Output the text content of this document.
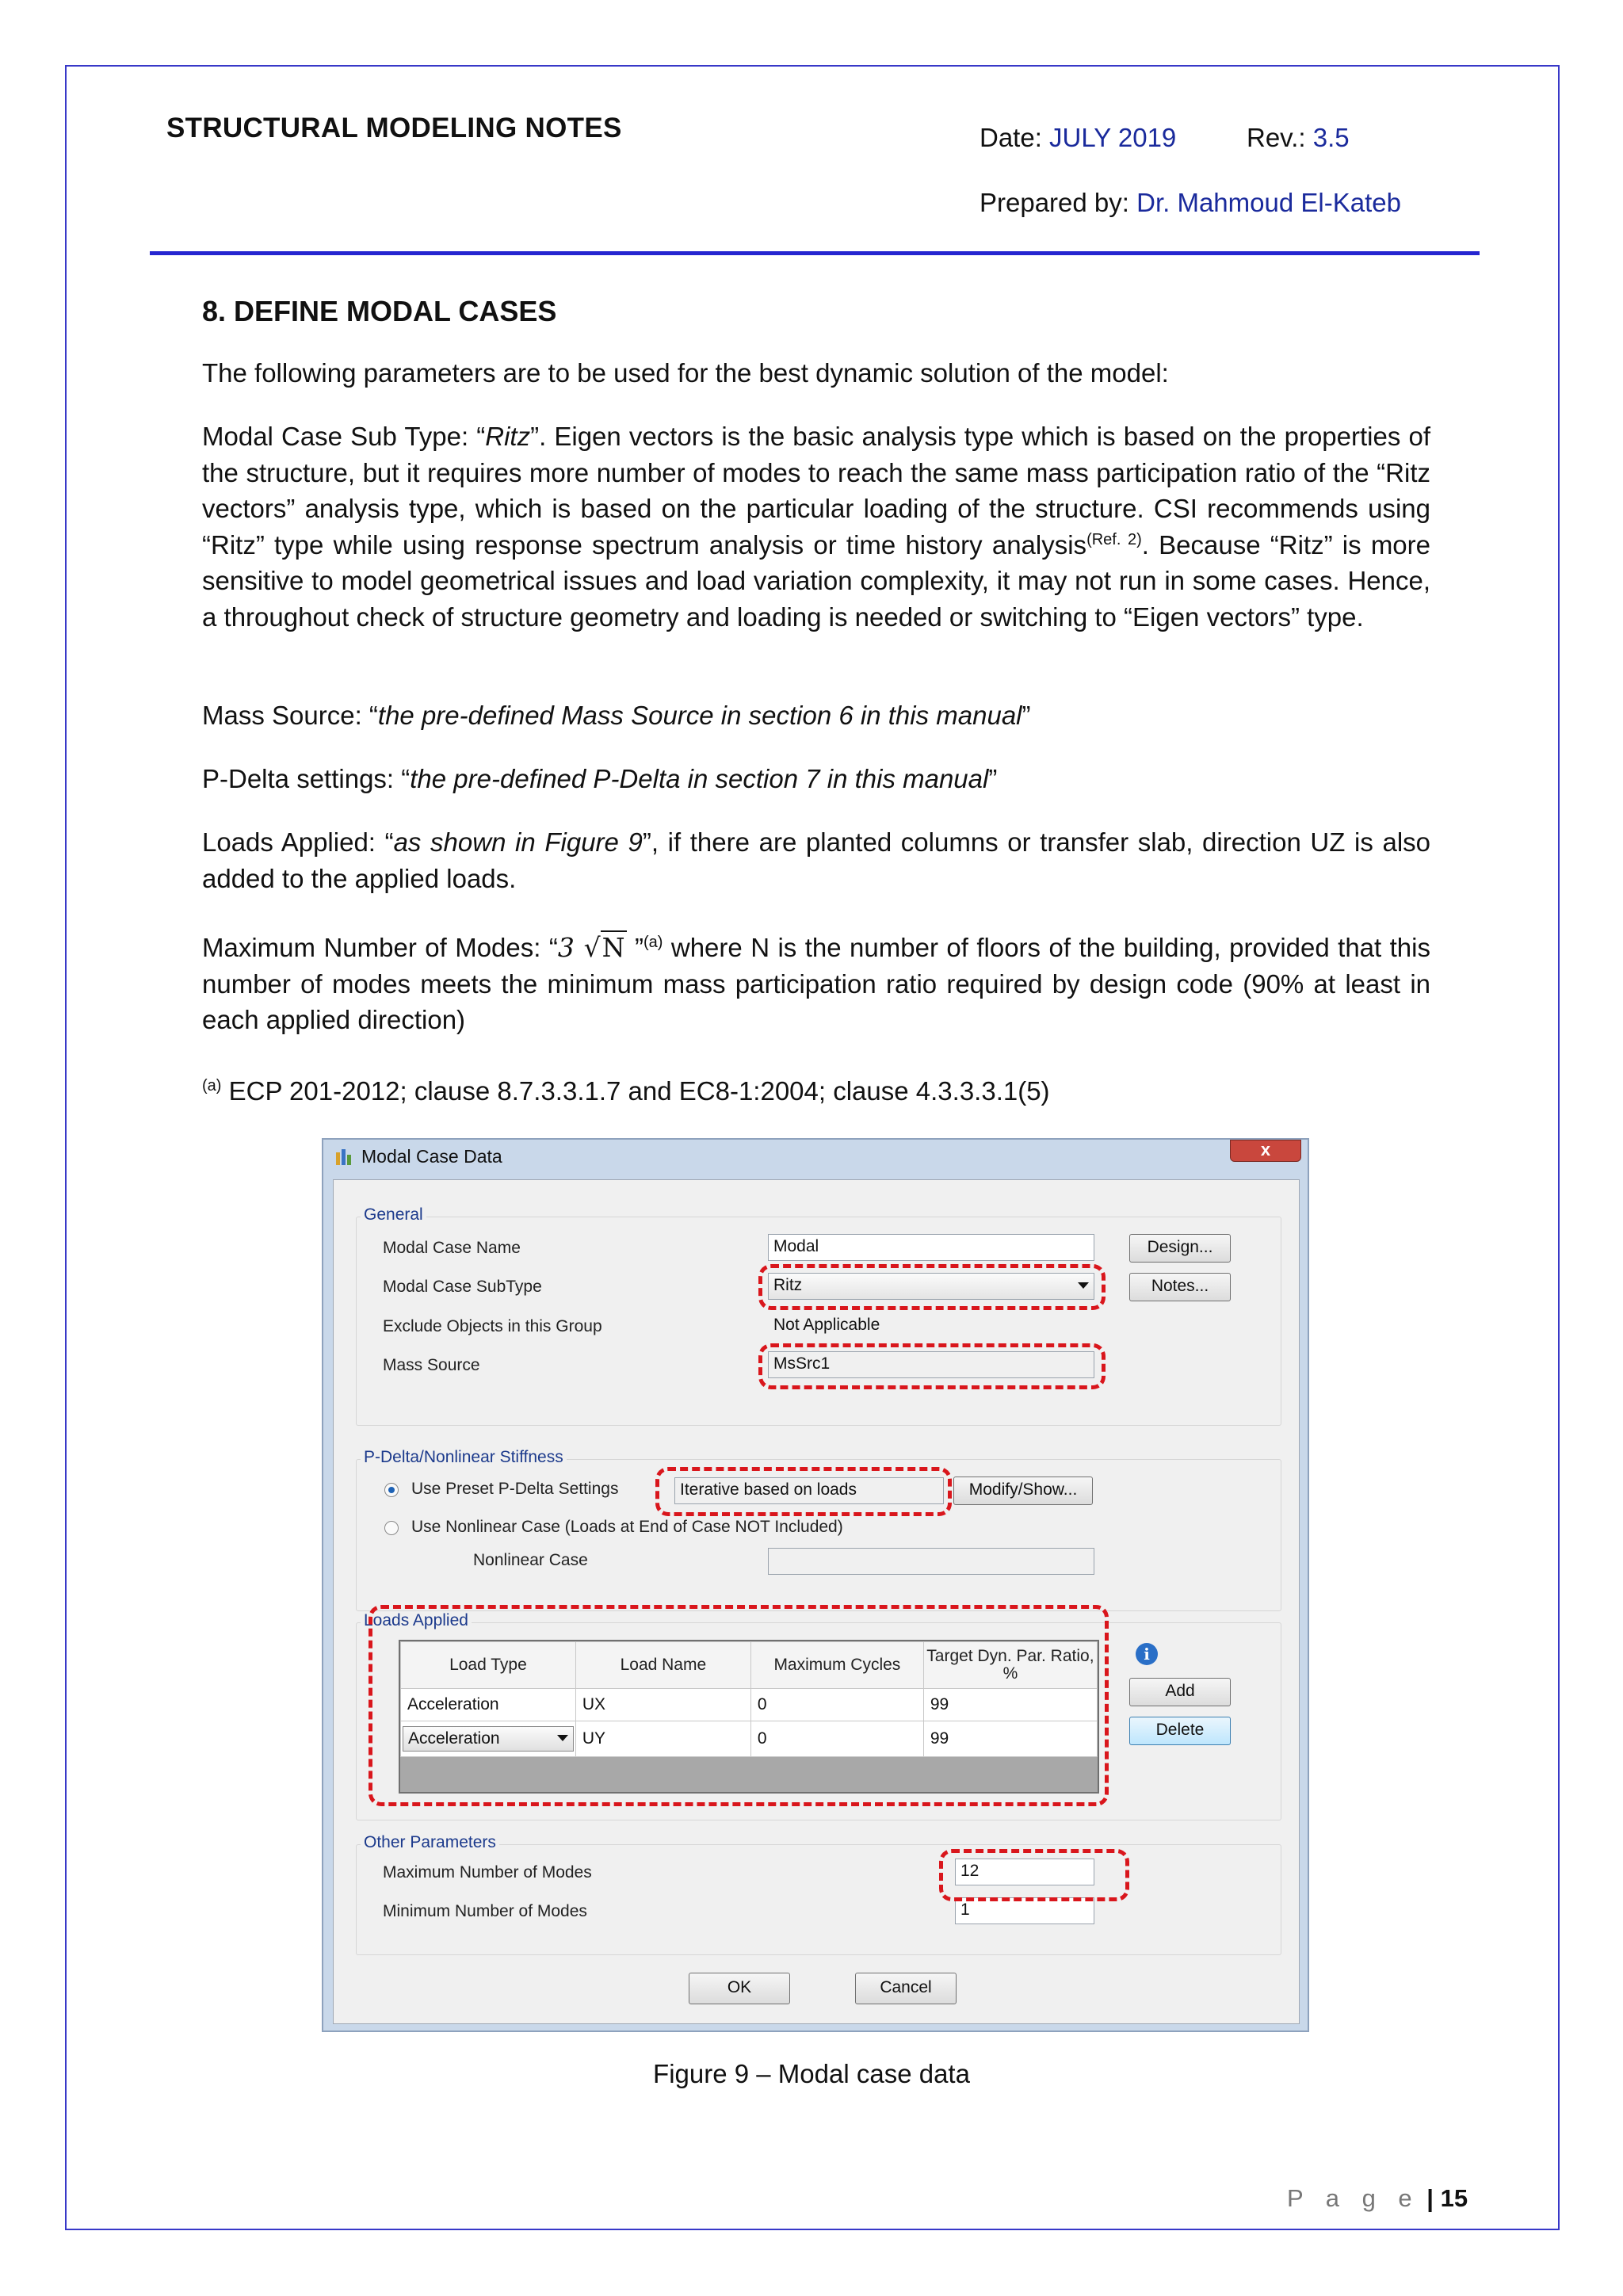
STRUCTURAL MODELING NOTES	Date: JULY 2019	Rev.: 3.5
Prepared by: Dr. Mahmoud El-Kateb
8. DEFINE MODAL CASES
The following parameters are to be used for the best dynamic solution of the model:
Modal Case Sub Type: “Ritz”. Eigen vectors is the basic analysis type which is based on the properties of the structure, but it requires more number of modes to reach the same mass participation ratio of the “Ritz vectors” analysis type, which is based on the particular loading of the structure. CSI recommends using “Ritz” type while using response spectrum analysis or time history analysis$^{(Ref. 2)}$. Because “Ritz” is more sensitive to model geometrical issues and load variation complexity, it may not run in some cases. Hence, a throughout check of structure geometry and loading is needed or switching to “Eigen vectors” type.
Mass Source: “the pre-defined Mass Source in section 6 in this manual”
P-Delta settings: “the pre-defined P-Delta in section 7 in this manual”
Loads Applied: “as shown in Figure 9”, if there are planted columns or transfer slab, direction UZ is also added to the applied loads.
Maximum Number of Modes: “3 √N ”$^{(a)}$ where N is the number of floors of the building, provided that this number of modes meets the minimum mass participation ratio required by design code (90% at least in each applied direction)
$^{(a)}$ ECP 201-2012; clause 8.7.3.3.1.7 and EC8-1:2004; clause 4.3.3.3.1(5)
Modal Case Data	x
General
Modal Case Name	Modal	Design...
Modal Case SubType	Ritz	Notes...
Exclude Objects in this Group	Not Applicable
Mass Source	MsSrc1
P-Delta/Nonlinear Stiffness
Use Preset P-Delta Settings	Iterative based on loads	Modify/Show...
Use Nonlinear Case (Loads at End of Case NOT Included)
Nonlinear Case
Loads Applied
Load Type	Load Name	Maximum Cycles	Target Dyn. Par. Ratio, %
Acceleration	UX	0	99

Acceleration	UY	0	99
i
Add
Delete
Other Parameters
Maximum Number of Modes	12
Minimum Number of Modes	1
OK	Cancel
Figure 9 – Modal case data
P a g e | 15
